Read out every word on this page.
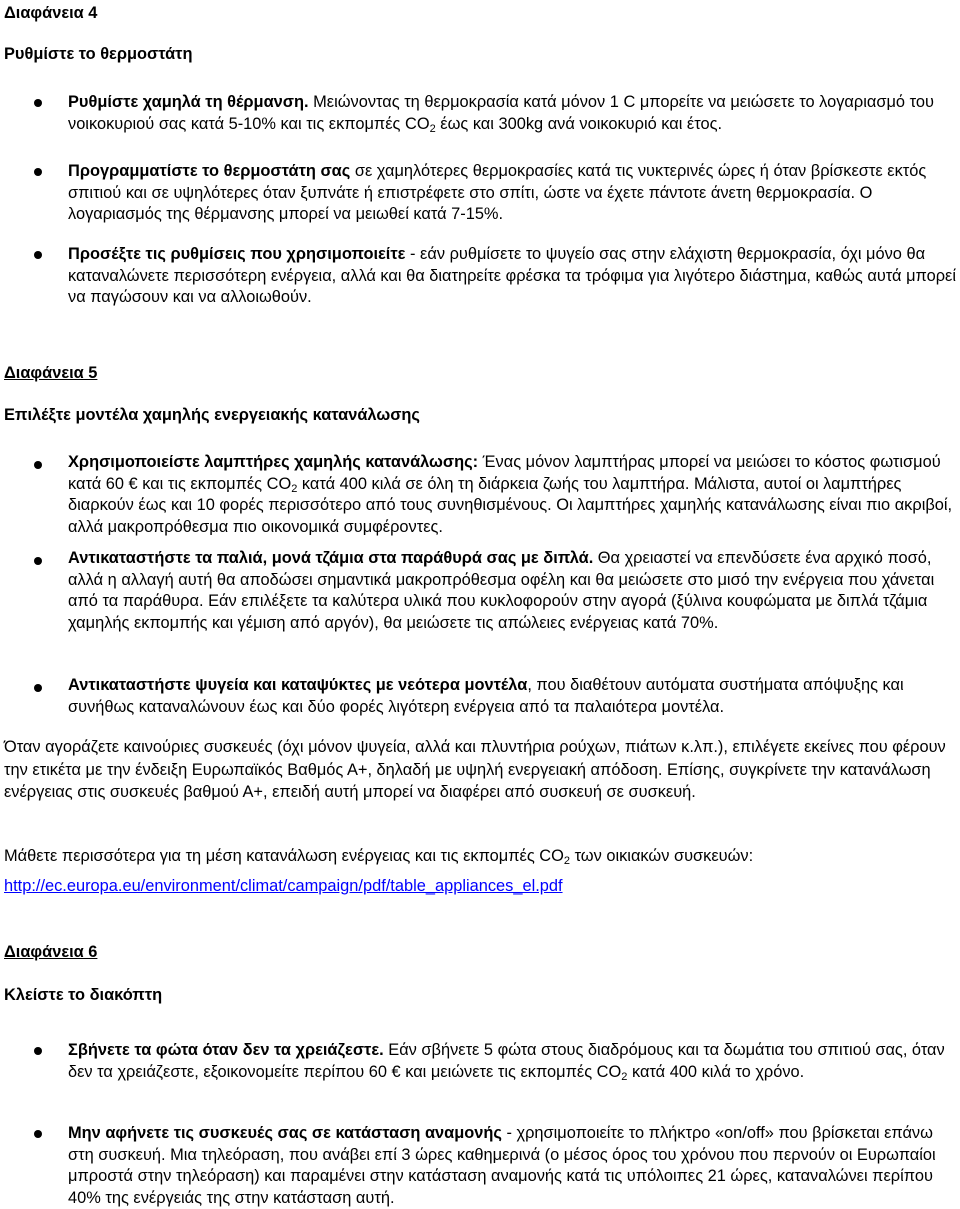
Διαφάνεια 4

Ρυθμίστε το θερμοστάτη

Ρυθμίστε χαμηλά τη θέρμανση. Μειώνοντας τη θερμοκρασία κατά μόνον 1 C μπορείτε να μειώσετε το λογαριασμό του νοικοκυριού σας κατά 5-10% και τις εκπομπές $CO_2$ έως και 300kg ανά νοικοκυριό και έτος.

Προγραμματίστε το θερμοστάτη σας σε χαμηλότερες θερμοκρασίες κατά τις νυκτερινές ώρες ή όταν βρίσκεστε εκτός σπιτιού και σε υψηλότερες όταν ξυπνάτε ή επιστρέφετε στο σπίτι, ώστε να έχετε πάντοτε άνετη θερμοκρασία. Ο λογαριασμός της θέρμανσης μπορεί να μειωθεί κατά 7-15%.

Προσέξτε τις ρυθμίσεις που χρησιμοποιείτε - εάν ρυθμίσετε το ψυγείο σας στην ελάχιστη θερμοκρασία, όχι μόνο θα καταναλώνετε περισσότερη ενέργεια, αλλά και θα διατηρείτε φρέσκα τα τρόφιμα για λιγότερο διάστημα, καθώς αυτά μπορεί να παγώσουν και να αλλοιωθούν.

Διαφάνεια 5

Επιλέξτε μοντέλα χαμηλής ενεργειακής κατανάλωσης

Χρησιμοποιείστε λαμπτήρες χαμηλής κατανάλωσης: Ένας μόνον λαμπτήρας μπορεί να μειώσει το κόστος φωτισμού κατά 60 € και τις εκπομπές $CO_2$ κατά 400 κιλά σε όλη τη διάρκεια ζωής του λαμπτήρα. Μάλιστα, αυτοί οι λαμπτήρες διαρκούν έως και 10 φορές περισσότερο από τους συνηθισμένους. Οι λαμπτήρες χαμηλής κατανάλωσης είναι πιο ακριβοί, αλλά μακροπρόθεσμα πιο οικονομικά συμφέροντες.

Αντικαταστήστε τα παλιά, μονά τζάμια στα παράθυρά σας με διπλά. Θα χρειαστεί να επενδύσετε ένα αρχικό ποσό, αλλά η αλλαγή αυτή θα αποδώσει σημαντικά μακροπρόθεσμα οφέλη και θα μειώσετε στο μισό την ενέργεια που χάνεται από τα παράθυρα. Εάν επιλέξετε τα καλύτερα υλικά που κυκλοφορούν στην αγορά (ξύλινα κουφώματα με διπλά τζάμια χαμηλής εκπομπής και γέμιση από αργόν), θα μειώσετε τις απώλειες ενέργειας κατά 70%.

Αντικαταστήστε ψυγεία και καταψύκτες με νεότερα μοντέλα, που διαθέτουν αυτόματα συστήματα απόψυξης και συνήθως καταναλώνουν έως και δύο φορές λιγότερη ενέργεια από τα παλαιότερα μοντέλα.

Όταν αγοράζετε καινούριες συσκευές (όχι μόνον ψυγεία, αλλά και πλυντήρια ρούχων, πιάτων κ.λπ.), επιλέγετε εκείνες που φέρουν την ετικέτα με την ένδειξη Ευρωπαϊκός Βαθμός Α+, δηλαδή με υψηλή ενεργειακή απόδοση. Επίσης, συγκρίνετε την κατανάλωση ενέργειας στις συσκευές βαθμού Α+, επειδή αυτή μπορεί να διαφέρει από συσκευή σε συσκευή.

Μάθετε περισσότερα για τη μέση κατανάλωση ενέργειας και τις εκπομπές $CO_2$ των οικιακών συσκευών:

http://ec.europa.eu/environment/climat/campaign/pdf/table_appliances_el.pdf

Διαφάνεια 6

Κλείστε το διακόπτη

Σβήνετε τα φώτα όταν δεν τα χρειάζεστε. Εάν σβήνετε 5 φώτα στους διαδρόμους και τα δωμάτια του σπιτιού σας, όταν δεν τα χρειάζεστε, εξοικονομείτε περίπου 60 € και μειώνετε τις εκπομπές $CO_2$ κατά 400 κιλά το χρόνο.

Μην αφήνετε τις συσκευές σας σε κατάσταση αναμονής - χρησιμοποιείτε το πλήκτρο «on/off» που βρίσκεται επάνω στη συσκευή. Μια τηλεόραση, που ανάβει επί 3 ώρες καθημερινά (ο μέσος όρος του χρόνου που περνούν οι Ευρωπαίοι μπροστά στην τηλεόραση) και παραμένει στην κατάσταση αναμονής κατά τις υπόλοιπες 21 ώρες, καταναλώνει περίπου 40% της ενέργειάς της στην κατάσταση αυτή.
